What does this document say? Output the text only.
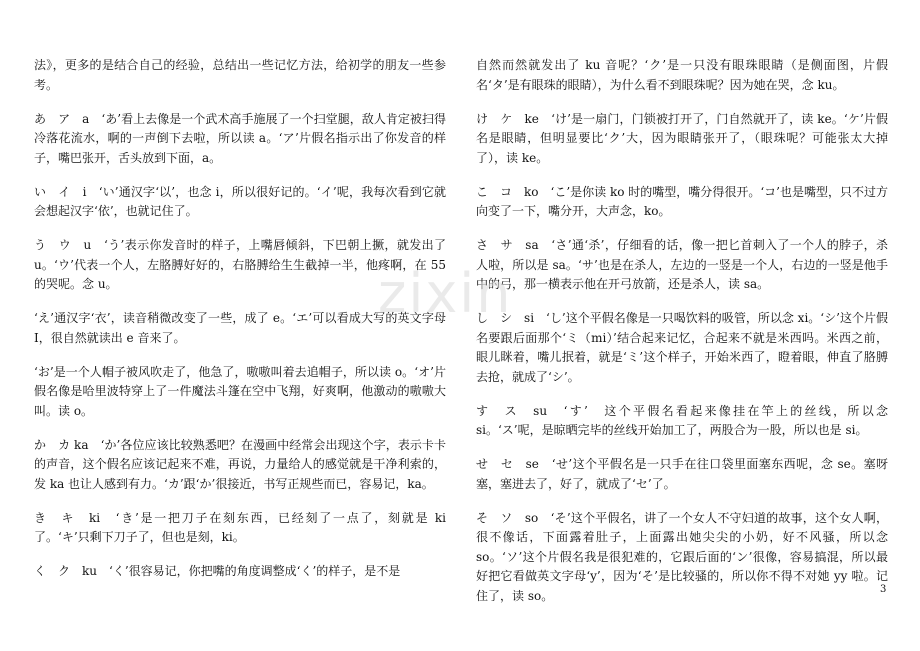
法》，更多的是结合自己的经验，总结出一些记忆方法，给初学的朋友一些参考。

あ　ア　a　‘あ’看上去像是一个武术高手施展了一个扫堂腿，敌人肯定被扫得冷落花流水，啊的一声倒下去啦，所以读 a。‘ア’片假名指示出了你发音的样子，嘴巴张开，舌头放到下面，a。

い　イ　i　‘い’通汉字‘以’，也念 i，所以很好记的。‘イ’呢，我每次看到它就会想起汉字‘依’，也就记住了。

う　ウ　u　‘う’表示你发音时的样子，上嘴唇倾斜，下巴朝上撅，就发出了 u。‘ウ’代表一个人，左胳膊好好的，右胳膊给生生截掉一半，他疼啊，在 55 的哭呢。念 u。

‘え’通汉字‘衣’，读音稍微改变了一些，成了 e。‘エ’可以看成大写的英文字母 I，很自然就读出 e 音来了。

‘お’是一个人帽子被风吹走了，他急了，嗷嗷叫着去追帽子，所以读 o。‘オ’片假名像是哈里波特穿上了一件魔法斗篷在空中飞翔，好爽啊，他激动的嗷嗷大叫。读 o。

か　カ ka　‘か’各位应该比较熟悉吧？在漫画中经常会出现这个字，表示卡卡的声音，这个假名应该记起来不难，再说，力量给人的感觉就是干净利索的，发 ka 也让人感到有力。‘カ’跟‘か’很接近，书写正规些而已，容易记，ka。

き　キ　ki　‘き’是一把刀子在刻东西，已经刻了一点了，刻就是 ki 了。‘キ’只剩下刀子了，但也是刻，ki。

く　ク　ku　‘く’很容易记，你把嘴的角度调整成‘く’的样子，是不是

自然而然就发出了 ku 音呢？‘ク’是一只没有眼珠眼睛（是侧面图，片假名‘タ’是有眼珠的眼睛），为什么看不到眼珠呢？因为她在哭，念 ku。

け　ケ　ke　‘け’是一扇门，门锁被打开了，门自然就开了，读 ke。‘ケ’片假名是眼睛，但明显要比‘ク’大，因为眼睛张开了，（眼珠呢？可能张太大掉了），读 ke。

こ　コ　ko　‘こ’是你读 ko 时的嘴型，嘴分得很开。‘コ’也是嘴型，只不过方向变了一下，嘴分开，大声念，ko。

さ　サ　sa　‘さ’通‘杀’，仔细看的话，像一把匕首刺入了一个人的脖子，杀人啦，所以是 sa。‘サ’也是在杀人，左边的一竖是一个人，右边的一竖是他手中的弓，那一横表示他在开弓放箭，还是杀人，读 sa。

し　シ　si　‘し’这个平假名像是一只喝饮料的吸管，所以念 xi。‘シ’这个片假名要跟后面那个‘ミ（mi）’结合起来记忆，合起来不就是米西吗。米西之前，眼儿眯着，嘴儿抿着，就是‘ミ’这个样子，开始米西了，瞪着眼，伸直了胳膊去抢，就成了‘シ’。

す　ス　su　‘す’　这个平假名看起来像挂在竿上的丝线，所以念 si。‘ス’呢，是晾晒完毕的丝线开始加工了，两股合为一股，所以也是 si。

せ　セ　se　‘せ’这个平假名是一只手在往口袋里面塞东西呢，念 se。塞呀塞，塞进去了，好了，就成了‘セ’了。

そ　ソ　so　‘そ’这个平假名，讲了一个女人不守妇道的故事，这个女人啊，很不像话，下面露着肚子，上面露出她尖尖的小奶，好不风骚，所以念 so。‘ソ’这个片假名我是很犯难的，它跟后面的‘ン’很像，容易搞混，所以最好把它看做英文字母‘y’，因为‘そ’是比较骚的，所以你不得不对她 yy 啦。记住了，读 so。

zixin
3
